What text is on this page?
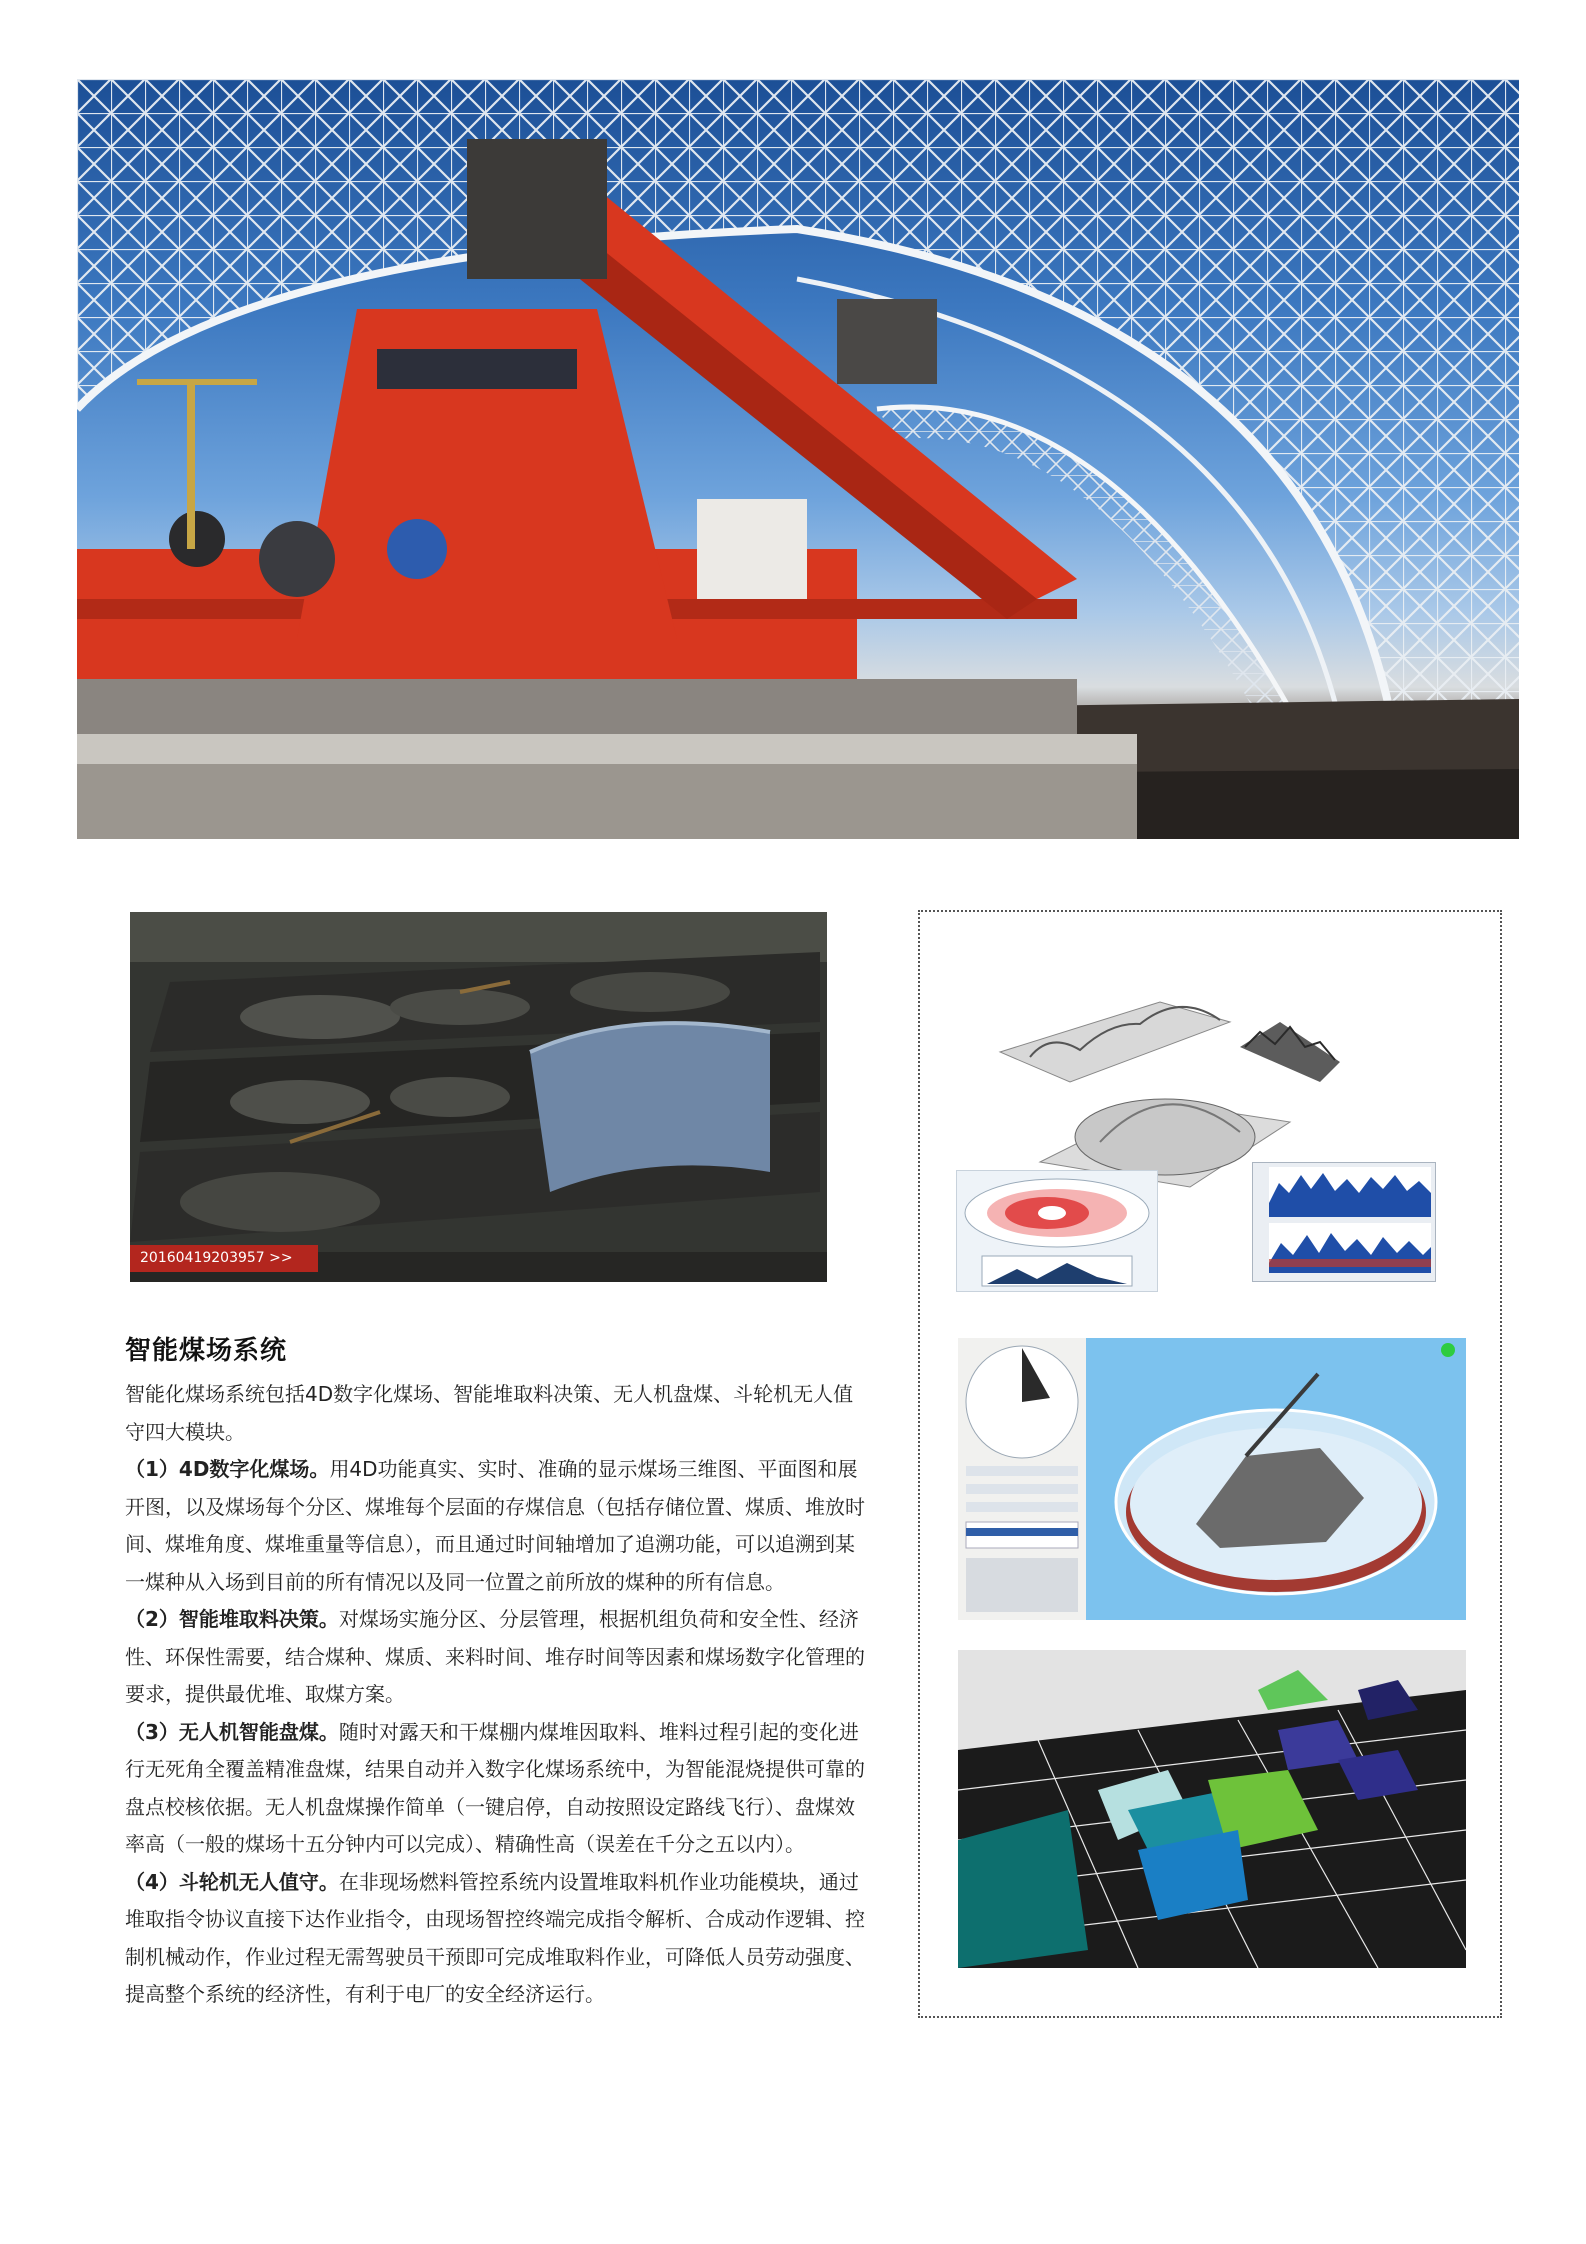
20160419203957 >>
智能煤场系统

智能化煤场系统包括4D数字化煤场、智能堆取料决策、无人机盘煤、斗轮机无人值守四大模块。

（1）4D数字化煤场。用4D功能真实、实时、准确的显示煤场三维图、平面图和展开图，以及煤场每个分区、煤堆每个层面的存煤信息（包括存储位置、煤质、堆放时间、煤堆角度、煤堆重量等信息），而且通过时间轴增加了追溯功能，可以追溯到某一煤种从入场到目前的所有情况以及同一位置之前所放的煤种的所有信息。

（2）智能堆取料决策。对煤场实施分区、分层管理，根据机组负荷和安全性、经济性、环保性需要，结合煤种、煤质、来料时间、堆存时间等因素和煤场数字化管理的要求，提供最优堆、取煤方案。

（3）无人机智能盘煤。随时对露天和干煤棚内煤堆因取料、堆料过程引起的变化进行无死角全覆盖精准盘煤，结果自动并入数字化煤场系统中，为智能混烧提供可靠的盘点校核依据。无人机盘煤操作简单（一键启停，自动按照设定路线飞行）、盘煤效率高（一般的煤场十五分钟内可以完成）、精确性高（误差在千分之五以内）。

（4）斗轮机无人值守。在非现场燃料管控系统内设置堆取料机作业功能模块，通过堆取指令协议直接下达作业指令，由现场智控终端完成指令解析、合成动作逻辑、控制机械动作，作业过程无需驾驶员干预即可完成堆取料作业，可降低人员劳动强度、提高整个系统的经济性，有利于电厂的安全经济运行。
